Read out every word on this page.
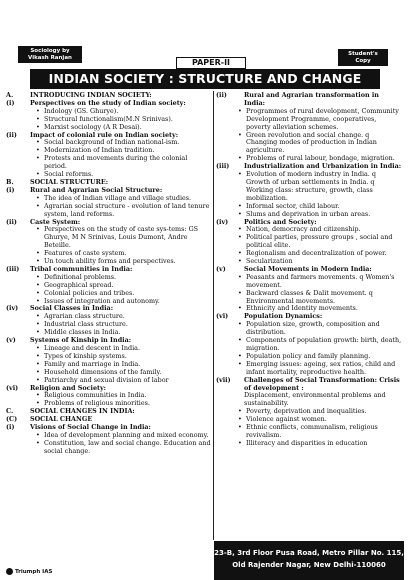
Sociology by
Vikash Ranjan
Student's Copy
PAPER-II
INDIAN SOCIETY : STRUCTURE AND CHANGE
A.	INTRODUCING INDIAN SOCIETY:
(i)	Perspectives on the study of Indian society:
• Indology (GS. Ghurye).
• Structural functionalism(M.N Srinivas).
• Marxist sociology (A R Desai).
(ii)	Impact of colonial rule on Indian society:
• Social background of Indian national-ism.
• Modernization of Indian tradition.
• Protests and movements during the colonial period.
• Social reforms.
B.	SOCIAL STRUCTURE:
(i)	Rural and Agrarian Social Structure:
• The idea of Indian village and village studies.
• Agrarian social structure - evolution of land tenure system, land reforms.
(ii)	Caste System:
• Perspectives on the study of caste sys-tems: GS Ghurye, M N Srinivas, Louis Dumont, Andre Beteille.
• Features of caste system.
• Un touch ability forms and perspectives.
(iii)	Tribal communities in India:
• Definitional problems.
• Geographical spread.
• Colonial policies and tribes.
• Issues of integration and autonomy.
(iv)	Social Classes in India:
• Agrarian class structure.
• Industrial class structure.
• Middle classes in India.
(v)	Systems of Kinship in India:
• Lineage and descent in India.
• Types of kinship systems.
• Family and marriage in India.
• Household dimensions of the family.
• Patriarchy and sexual division of labor
(vi)	Religion and Society:
• Religious communities in India.
• Problems of religious minorities.
C.	SOCIAL CHANGES IN INDIA:
(C)	SOCIAL CHANGE
(i)	Visions of Social Change in India:
• Idea of development planning and mixed economy.
• Constitution, law and social change. Education and social change.
(ii)	Rural and Agrarian transformation in India:
• Programmes of rural development, Community Development Programme, cooperatives, poverty alleviation schemes.
• Green revolution and social change. q Changing modes of production in Indian agriculture.
• Problems of rural labour, bondage, migration.
(iii)	Industrialization and Urbanization in India:
• Evolution of modern industry in India. q Growth of urban settlements in India. q Working class: structure, growth, class mobilization.
• Informal sector, child labour.
• Slums and deprivation in urban areas.
(iv)	Politics and Society:
• Nation, democracy and citizenship.
• Political parties, pressure groups , social and political elite.
• Regionalism and decentralization of power.
• Secularization
(v)	Social Movements in Modern India:
• Peasants and farmers movements. q Women's movement.
• Backward classes & Dalit movement. q Environmental movements.
• Ethnicity and Identity movements.
(vi)	Population Dynamics:
• Population size, growth, composition and distribution.
• Components of population growth: birth, death, migration.
• Population policy and family planning.
• Emerging issues: ageing, sex ratios, child and infant mortality, reproductive health.
(vii)	Challenges of Social Transformation: Crisis of development :
Displacement, environmental problems and sustainability.
• Poverty, deprivation and inequalities.
• Violence against women.
• Ethnic conflicts, communalism, religious revivalism.
• Illiteracy and disparities in education
Triumph IAS
23-B, 3rd Floor Pusa Road, Metro Pillar No. 115,
Old Rajender Nagar, New Delhi-110060
